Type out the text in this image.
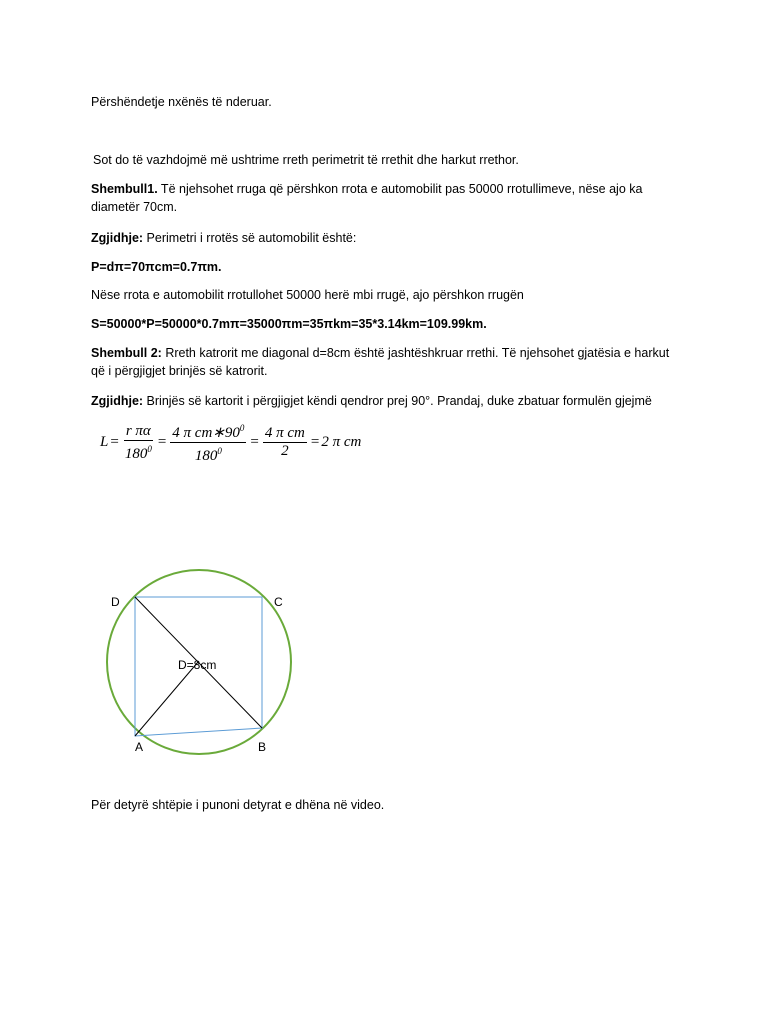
Përshëndetje nxënës të nderuar.
Sot do të vazhdojmë më ushtrime rreth perimetrit të rrethit dhe harkut rrethor.
Shembull1. Të njehsohet rruga që përshkon rrota e automobilit pas 50000 rrotullimeve, nëse ajo ka diametër 70cm.
Zgjidhje: Perimetri i rrotës së automobilit është:
P=dπ=70πcm=0.7πm.
Nëse rrota e automobilit rrotullohet 50000 herë mbi rrugë, ajo përshkon rrugën
S=50000*P=50000*0.7mπ=35000πm=35πkm=35*3.14km=109.99km.
Shembull 2: Rreth katrorit me diagonal d=8cm është jashtëshkruar rrethi. Të njehsohet gjatësia e harkut që i përgjigjet brinjës së katrorit.
Zgjidhje: Brinjës së kartorit i përgjigjet këndi qendror prej 90°. Prandaj, duke zbatuar formulën gjejmë
$L = \frac{\text{r πα}}{180^0} = \frac{4 \pi cm∗90^0}{180^0} = \frac{\text{4 π cm}}{2} = 2$ π cm
D	C
A	B
D=8cm
Për detyrë shtëpie i punoni detyrat e dhëna në video.
